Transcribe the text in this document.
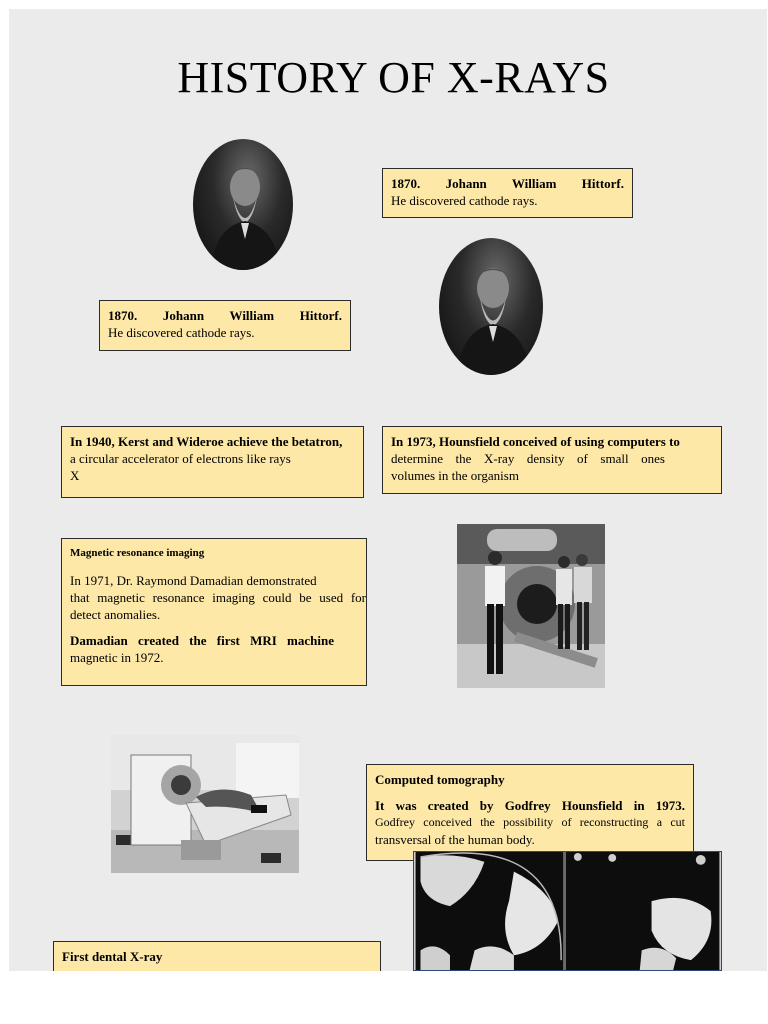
HISTORY OF X-RAYS

1870. Johann William Hittorf.

He discovered cathode rays.

1870. Johann William Hittorf.

He discovered cathode rays.

In 1940, Kerst and Wideroe achieve the betatron,

a circular accelerator of electrons like rays

X

In 1973, Hounsfield conceived of using computers to

determine the X-ray density of small ones

volumes in the organism

Magnetic resonance imaging

In 1971, Dr. Raymond Damadian demonstrated

that magnetic resonance imaging could be used for

detect anomalies.

Damadian created the first MRI machine

magnetic in 1972.

Computed tomography

It was created by Godfrey Hounsfield in 1973.

Godfrey conceived the possibility of reconstructing a cut

transversal of the human body.

First dental X-ray
